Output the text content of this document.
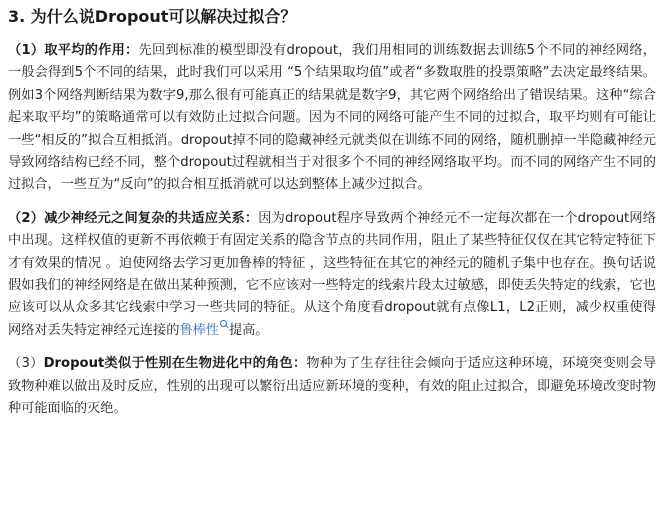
3. 为什么说Dropout可以解决过拟合？

（1）取平均的作用：先回到标准的模型即没有dropout，我们用相同的训练数据去训练5个不同的神经网络，一般会得到5个不同的结果，此时我们可以采用 “5个结果取均值”或者“多数取胜的投票策略”去决定最终结果。例如3个网络判断结果为数字9,那么很有可能真正的结果就是数字9，其它两个网络给出了错误结果。这种“综合起来取平均”的策略通常可以有效防止过拟合问题。因为不同的网络可能产生不同的过拟合，取平均则有可能让一些“相反的”拟合互相抵消。dropout掉不同的隐藏神经元就类似在训练不同的网络，随机删掉一半隐藏神经元导致网络结构已经不同，整个dropout过程就相当于对很多个不同的神经网络取平均。而不同的网络产生不同的过拟合，一些互为“反向”的拟合相互抵消就可以达到整体上减少过拟合。

（2）减少神经元之间复杂的共适应关系：因为dropout程序导致两个神经元不一定每次都在一个dropout网络中出现。这样权值的更新不再依赖于有固定关系的隐含节点的共同作用，阻止了某些特征仅仅在其它特定特征下才有效果的情况 。迫使网络去学习更加鲁棒的特征 ，这些特征在其它的神经元的随机子集中也存在。换句话说假如我们的神经网络是在做出某种预测，它不应该对一些特定的线索片段太过敏感，即使丢失特定的线索，它也应该可以从众多其它线索中学习一些共同的特征。从这个角度看dropout就有点像L1，L2正则，减少权重使得网络对丢失特定神经元连接的鲁棒性 提高。

（3）Dropout类似于性别在生物进化中的角色：物种为了生存往往会倾向于适应这种环境，环境突变则会导致物种难以做出及时反应，性别的出现可以繁衍出适应新环境的变种，有效的阻止过拟合，即避免环境改变时物种可能面临的灭绝。
